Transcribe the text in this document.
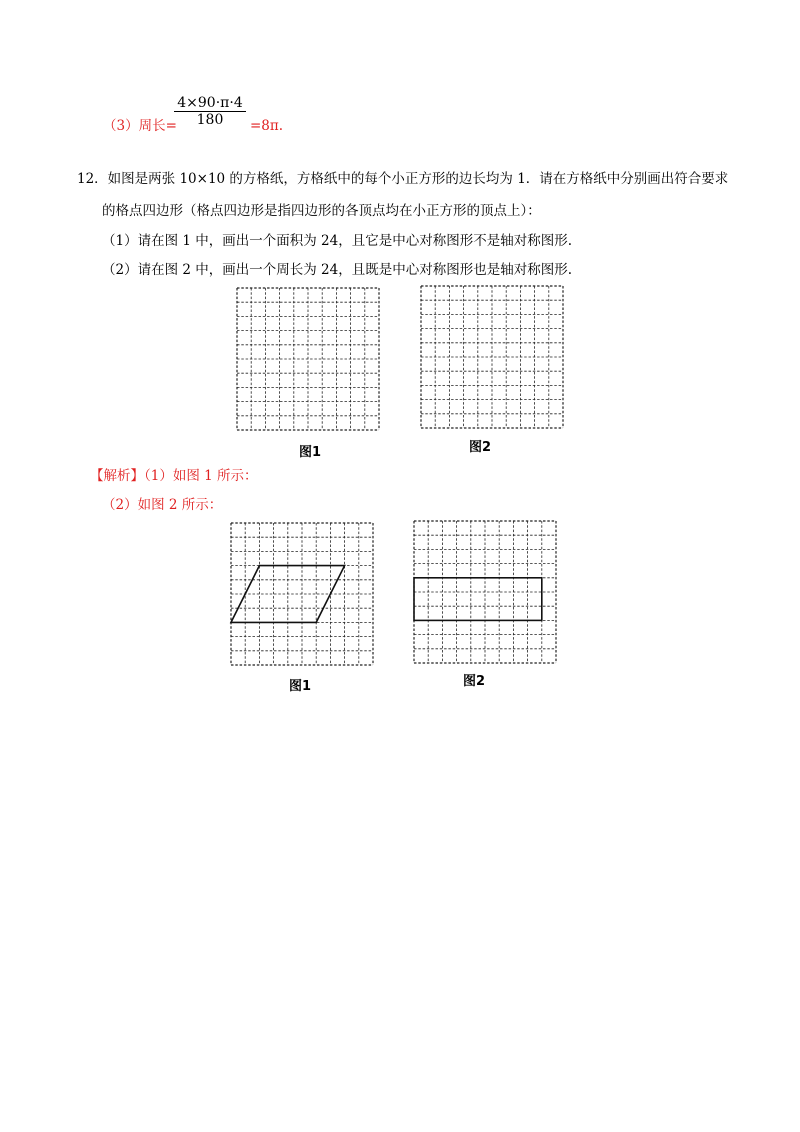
（3）周长=
4×90·π·4
180	=8π.
12．如图是两张 10×10 的方格纸，方格纸中的每个小正方形的边长均为 1．请在方格纸中分别画出符合要求
的格点四边形（格点四边形是指四边形的各顶点均在小正方形的顶点上）：
（1）请在图 1 中，画出一个面积为 24，且它是中心对称图形不是轴对称图形.
（2）请在图 2 中，画出一个周长为 24，且既是中心对称图形也是轴对称图形.
图1	图2
【解析】（1）如图 1 所示：
（2）如图 2 所示：
图1	图2
